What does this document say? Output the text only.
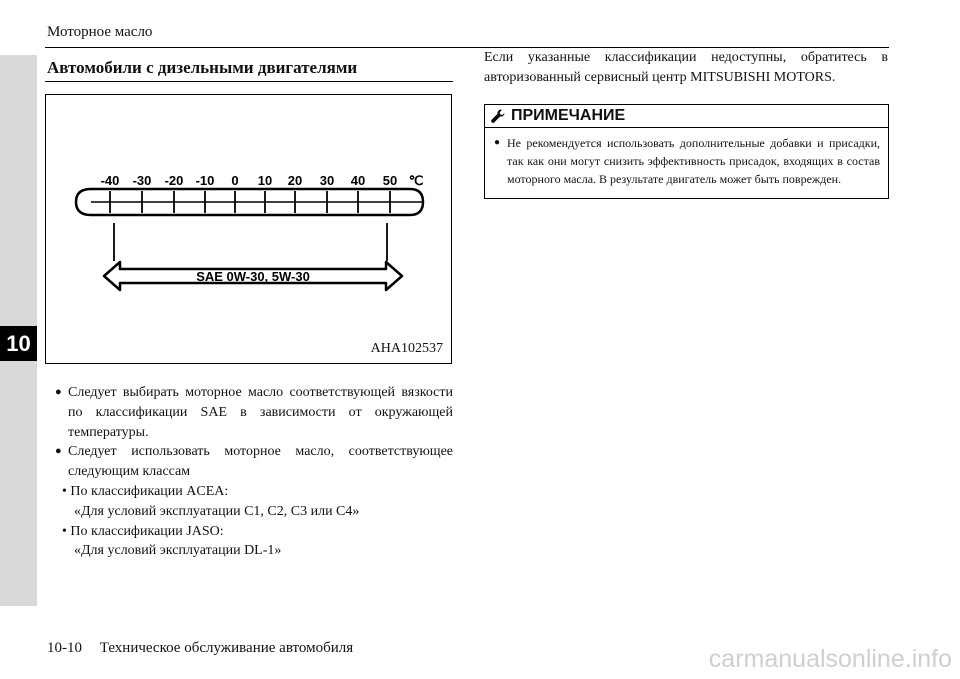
10
Моторное масло
Автомобили с дизельными двигателями
-40 -30 -20 -10 0 10 20 30 40 50 ℃
SAE 0W-30, 5W-30
AHA102537
● Следует выбирать моторное масло соответствующей вязкости по классификации SAE в зависимости от окружающей температуры.
● Следует использовать моторное масло, соответствующее следующим классам
• По классификации ACEA:
«Для условий эксплуатации C1, C2, C3 или C4»
• По классификации JASO:
«Для условий эксплуатации DL-1»
Если указанные классификации недоступны, обратитесь в авторизованный сервисный центр MITSUBISHI MOTORS.
ПРИМЕЧАНИЕ
● Не рекомендуется использовать дополнительные добавки и присадки, так как они могут снизить эффективность присадок, входящих в состав моторного масла. В результате двигатель может быть поврежден.
10-10 Техническое обслуживание автомобиля	carmanualsonline.info
